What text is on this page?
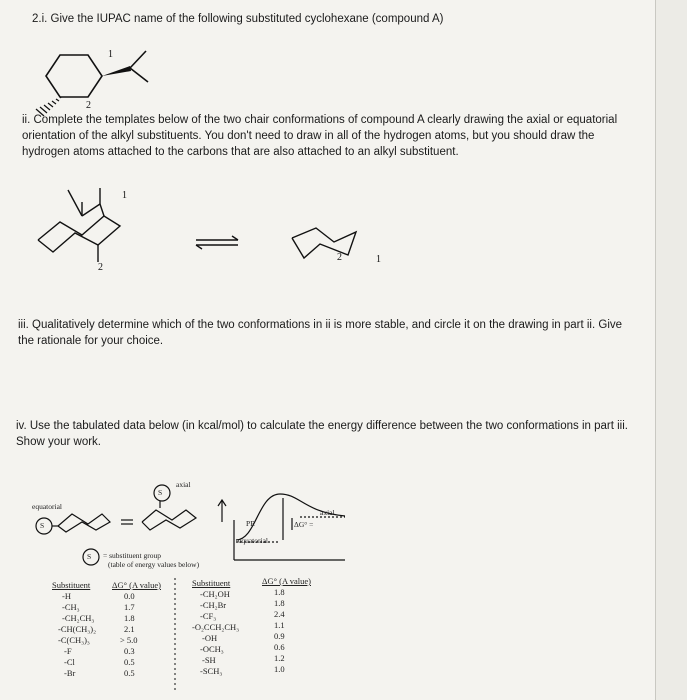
2.i. Give the IUPAC name of the following substituted cyclohexane (compound A)
1
2
ii. Complete the templates below of the two chair conformations of compound A clearly drawing the axial or equatorial orientation of the alkyl substituents. You don't need to draw in all of the hydrogen atoms, but you should draw the hydrogen atoms attached to the carbons that are also attached to an alkyl substituent.
1
2
1
2
iii. Qualitatively determine which of the two conformations in ii is more stable, and circle it on the drawing in part ii. Give the rationale for your choice.
iv. Use the tabulated data below (in kcal/mol) to calculate the energy difference between the two conformations in part iii. Show your work.
axial
equatorial
S
S
S
PE
axial
equatorial
ΔG° =
= substituent group
(table of energy values below)
Substituent
-H
-CH₃
-CH₂CH₃
-CH(CH₃)₂
-C(CH₃)₃
-F
-Cl
-Br
ΔG° (A value)
0.0
1.7
1.8
2.1
> 5.0
0.3
0.5
0.5
Substituent
-CH₂OH
-CH₂Br
-CF₃
-O₂CCH₂CH₃
-OH
-OCH₃
-SH
-SCH₃
ΔG° (A value)
1.8
1.8
2.4
1.1
0.9
0.6
1.2
1.0
